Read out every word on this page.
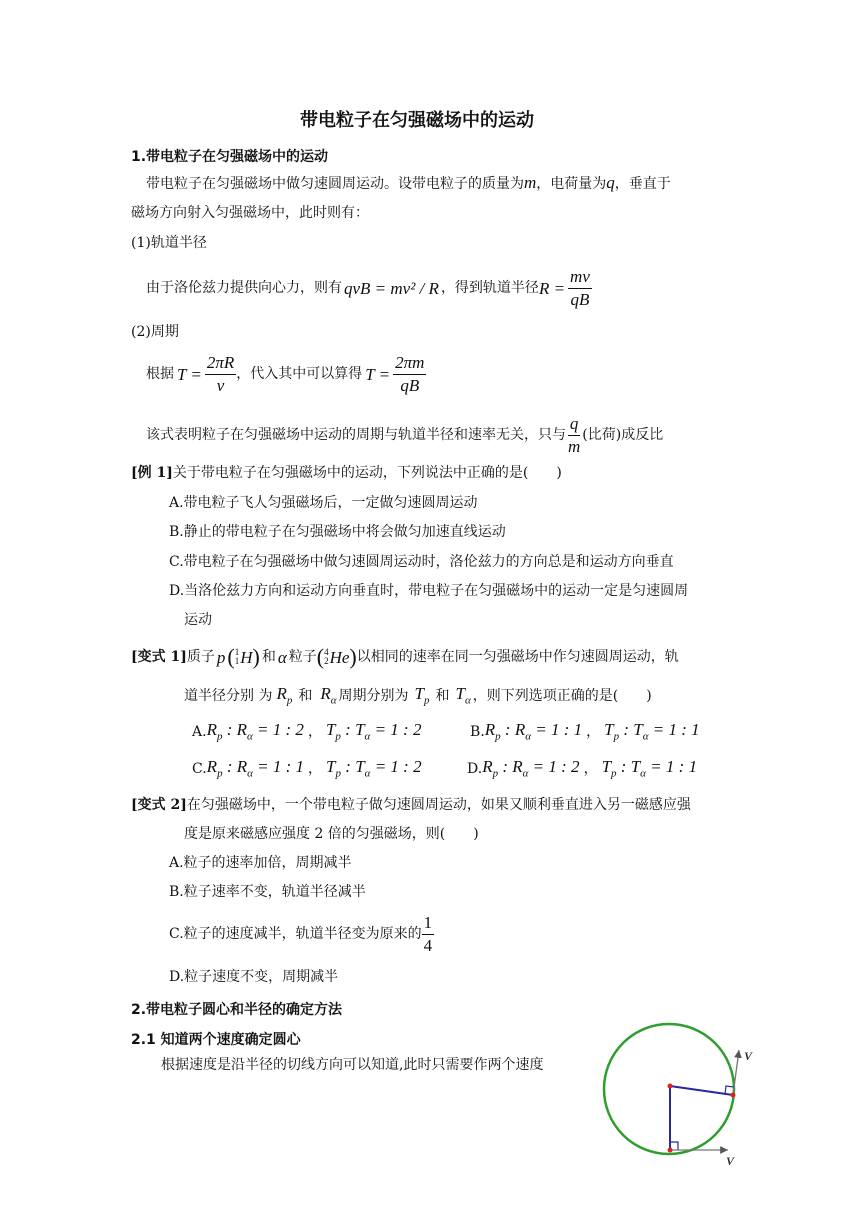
带电粒子在匀强磁场中的运动
1.带电粒子在匀强磁场中的运动
带电粒子在匀强磁场中做匀速圆周运动。设带电粒子的质量为m，电荷量为q，垂直于
磁场方向射入匀强磁场中，此时则有：
(1)轨道半径
由于洛伦兹力提供向心力，则有 qvB = mv² / R ，得到轨道半径 $R = \frac{mv}{qB}$
(2)周期
根据 $T = \frac{2\pi R}{v}$ ，代入其中可以算得 $T = \frac{2\pi m}{qB}$
该式表明粒子在匀强磁场中运动的周期与轨道半径和速率无关，只与 $\frac{q}{m}$ (比荷)成反比
[例 1]关于带电粒子在匀强磁场中的运动，下列说法中正确的是(　　)
A.带电粒子飞人匀强磁场后，一定做匀速圆周运动
B.静止的带电粒子在匀强磁场中将会做匀加速直线运动
C.带电粒子在匀强磁场中做匀速圆周运动时，洛伦兹力的方向总是和运动方向垂直
D.当洛伦兹力方向和运动方向垂直时，带电粒子在匀强磁场中的运动一定是匀速圆周
运动
[变式 1] 质子 p ( 1
1 H ) 和 α 粒子 ( 4
2 He ) 以相同的速率在同一匀强磁场中作匀速圆周运动，轨
道半径分别 为 $R_p$ 和 $R_\alpha$ 周期分别为 $T_p$ 和 $T_\alpha$ ，则下列选项正确的是(　　)
A. $R_p$ : $R_\alpha = 1$ : 2 ， $T_p$ : $T_\alpha = 1$ : 2	B. $R_p$ : $R_\alpha = 1$ : 1 ， $T_p$ : $T_\alpha = 1$ : 1
C. $R_p$ : $R_\alpha = 1$ : 1 ， $T_p$ : $T_\alpha = 1$ : 2	D. $R_p$ : $R_\alpha = 1$ : 2 ， $T_p$ : $T_\alpha = 1$ : 1
[变式 2]在匀强磁场中，一个带电粒子做匀速圆周运动，如果又顺利垂直进入另一磁感应强
度是原来磁感应强度 2 倍的匀强磁场，则(　　)
A.粒子的速率加倍，周期减半
B.粒子速率不变，轨道半径减半
C.粒子的速度减半，轨道半径变为原来的 $\frac{1}{4}$
D.粒子速度不变，周期减半
2.带电粒子圆心和半径的确定方法
2.1 知道两个速度确定圆心
根据速度是沿半径的切线方向可以知道,此时只需要作两个速度
V
V
